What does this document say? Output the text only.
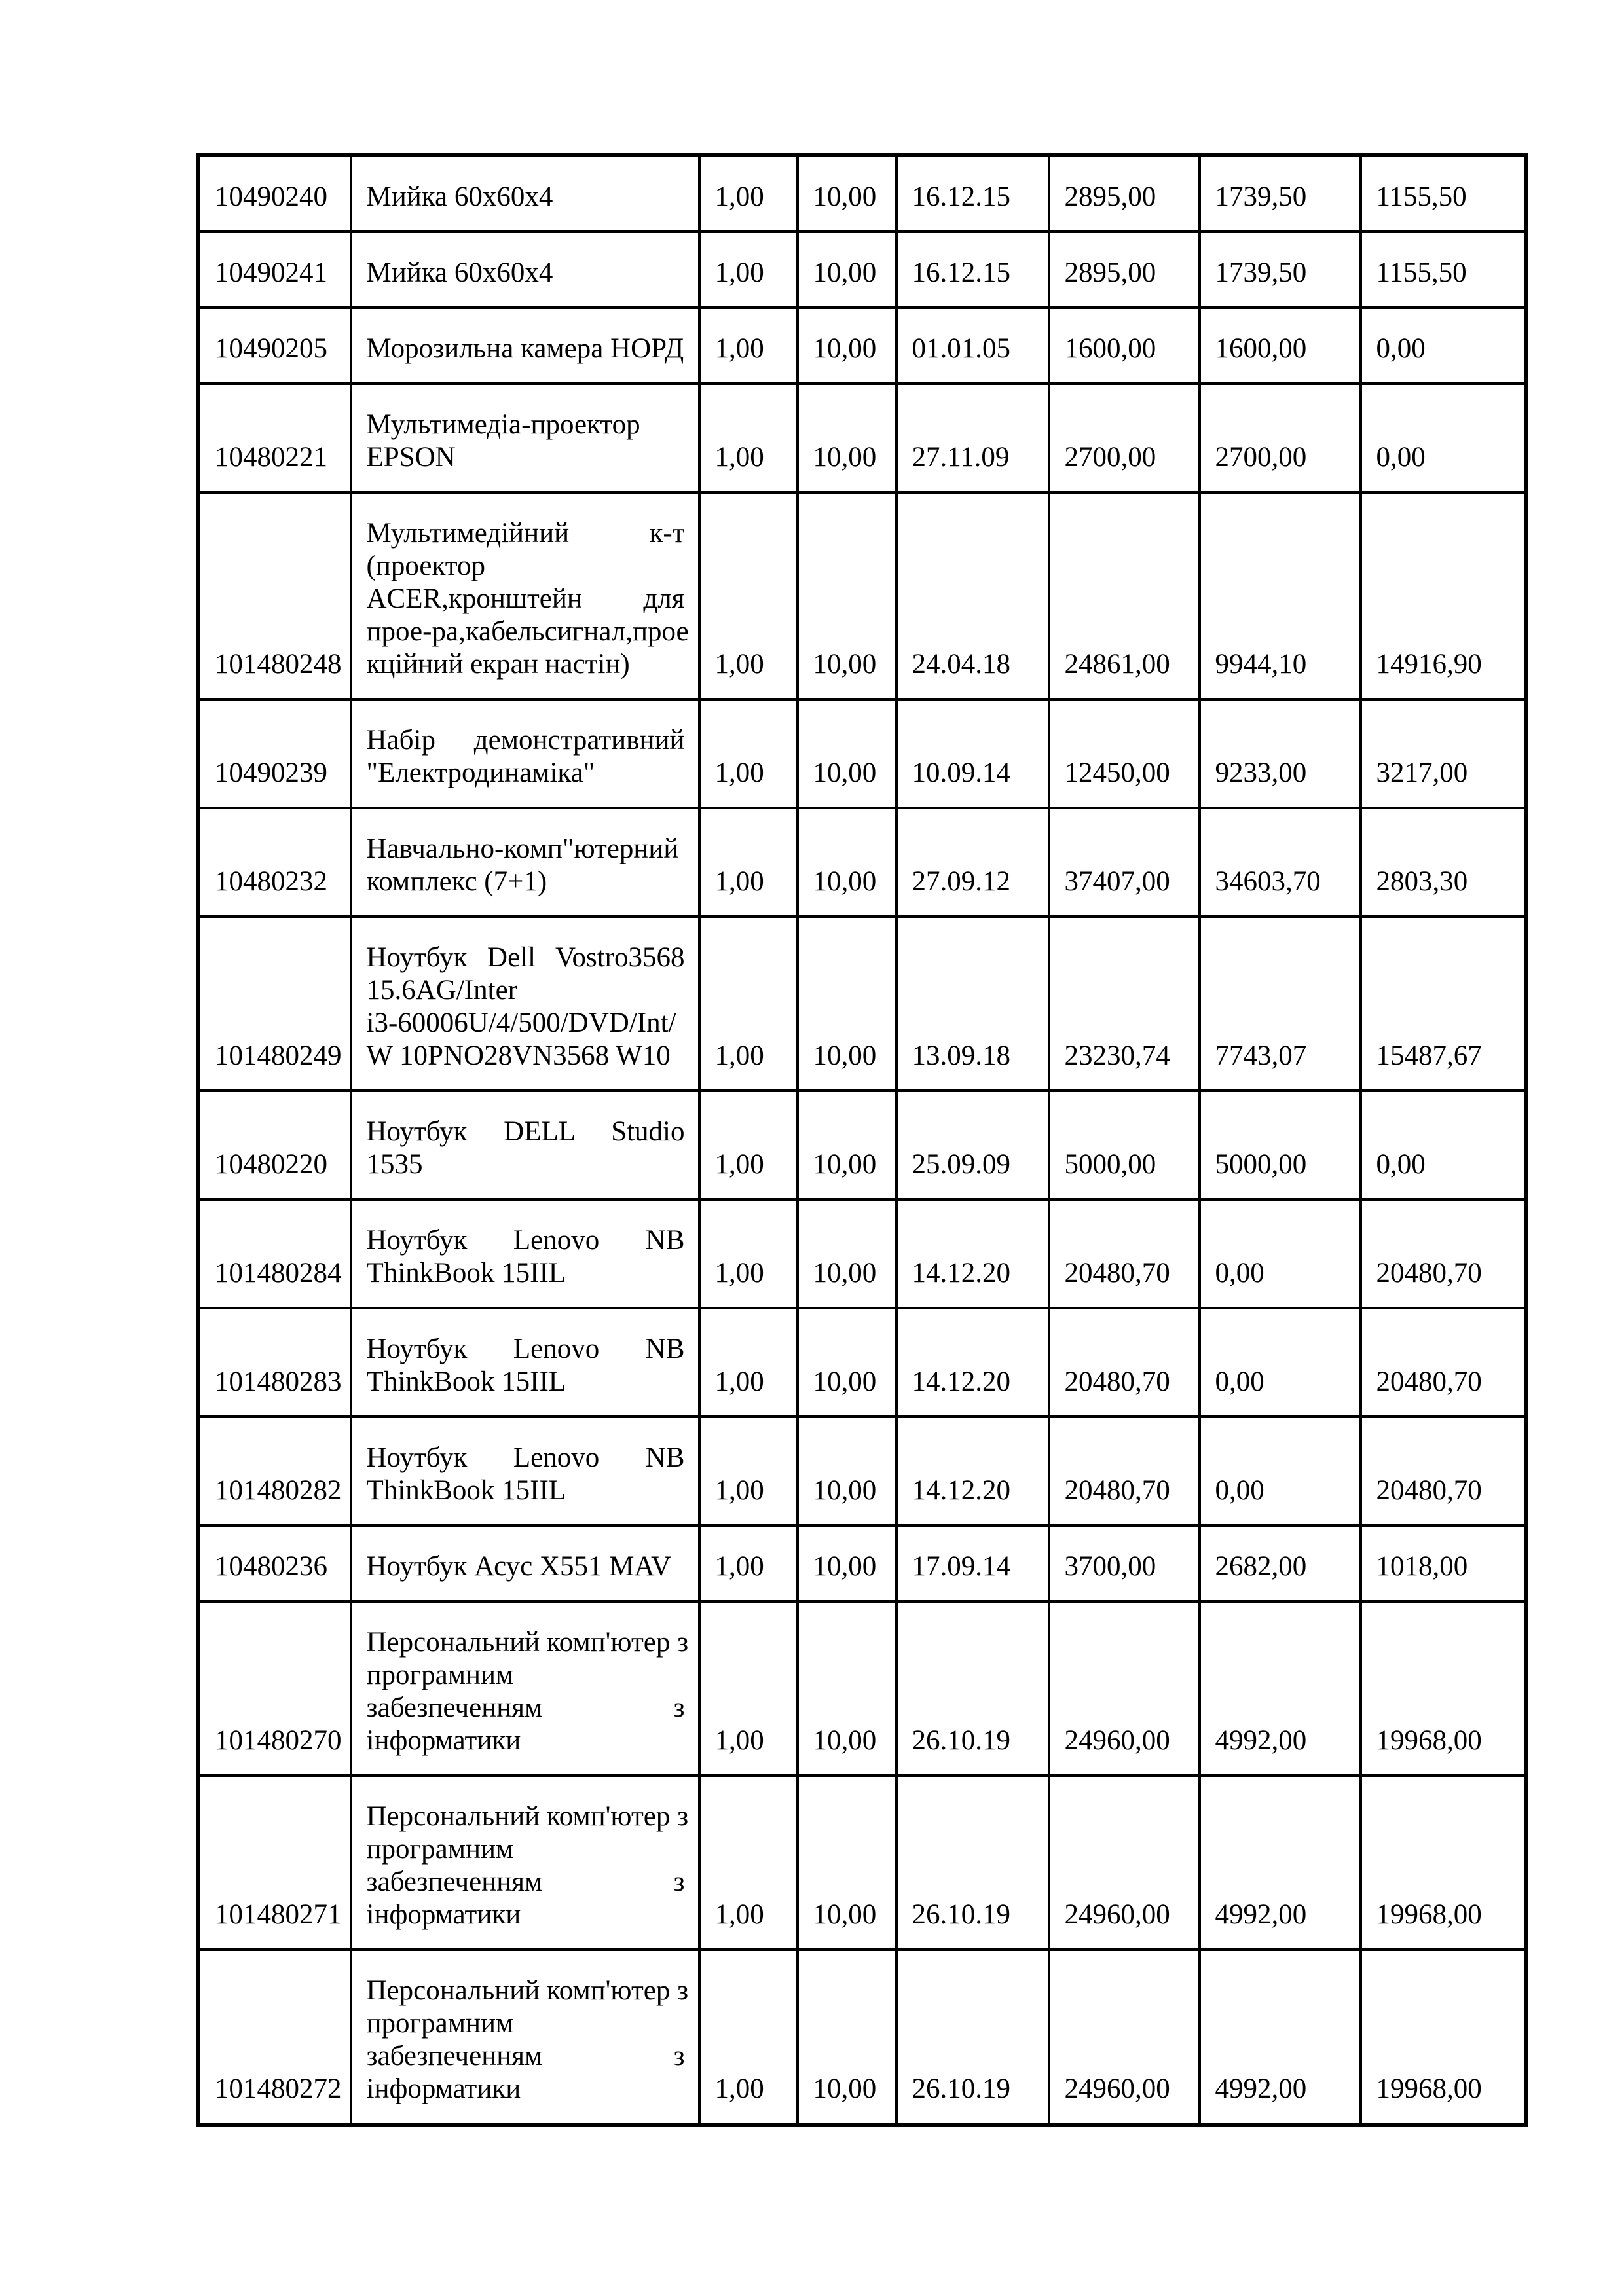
10490240	Мийка 60х60х4	1,00	10,00	16.12.15	2895,00	1739,50	1155,50
10490241	Мийка 60х60х4	1,00	10,00	16.12.15	2895,00	1739,50	1155,50
10490205	Морозильна камера НОРД	1,00	10,00	01.01.05	1600,00	1600,00	0,00
10480221	Мультимедіа-проектор
EPSON	1,00	10,00	27.11.09	2700,00	2700,00	0,00
101480248	Мультимедійний к-т
(проектор
ACER,кронштейн для
прое-ра,кабельсигнал,прое
кційний екран настін)	1,00	10,00	24.04.18	24861,00	9944,10	14916,90
10490239	Набір демонстративний
"Електродинаміка"	1,00	10,00	10.09.14	12450,00	9233,00	3217,00
10480232	Навчально-комп"ютерний
комплекс (7+1)	1,00	10,00	27.09.12	37407,00	34603,70	2803,30
101480249	Ноутбук Dell Vostro3568
15.6AG/Inter
i3-60006U/4/500/DVD/Int/
W 10PNO28VN3568 W10	1,00	10,00	13.09.18	23230,74	7743,07	15487,67
10480220	Ноутбук DELL Studio
1535	1,00	10,00	25.09.09	5000,00	5000,00	0,00
101480284	Ноутбук Lenovo NB
ThinkBook 15IIL	1,00	10,00	14.12.20	20480,70	0,00	20480,70
101480283	Ноутбук Lenovo NB
ThinkBook 15IIL	1,00	10,00	14.12.20	20480,70	0,00	20480,70
101480282	Ноутбук Lenovo NB
ThinkBook 15IIL	1,00	10,00	14.12.20	20480,70	0,00	20480,70
10480236	Ноутбук Асус X551 MAV	1,00	10,00	17.09.14	3700,00	2682,00	1018,00
101480270	Персональний комп'ютер з
програмним
забезпеченням з
інформатики	1,00	10,00	26.10.19	24960,00	4992,00	19968,00
101480271	Персональний комп'ютер з
програмним
забезпеченням з
інформатики	1,00	10,00	26.10.19	24960,00	4992,00	19968,00
101480272	Персональний комп'ютер з
програмним
забезпеченням з
інформатики	1,00	10,00	26.10.19	24960,00	4992,00	19968,00
